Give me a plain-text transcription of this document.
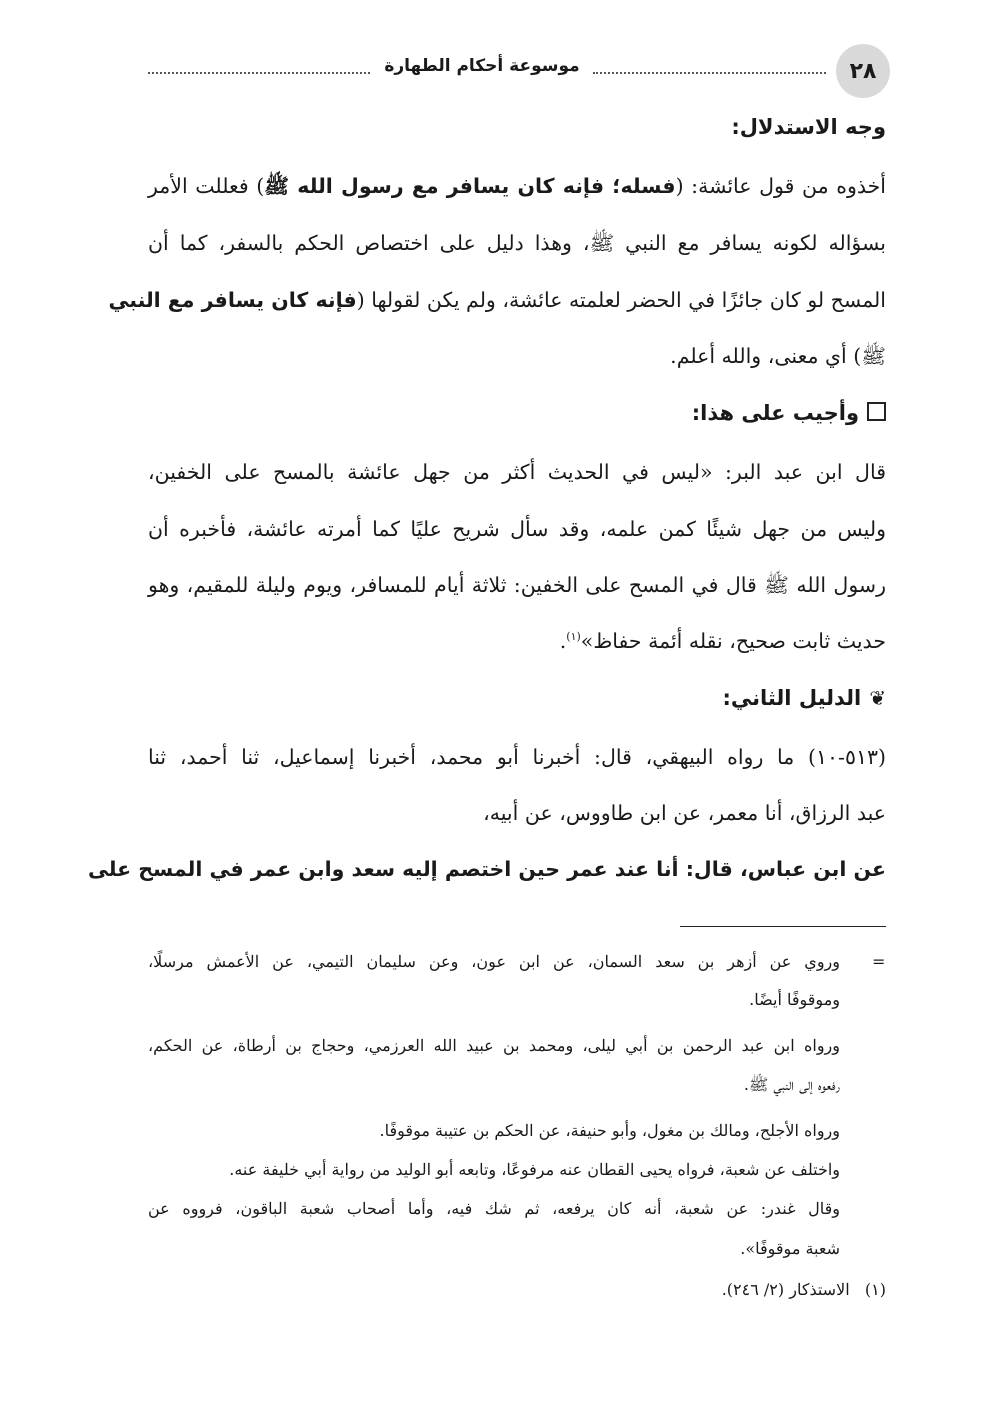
٢٨
موسوعة أحكام الطهارة
وجه الاستدلال:
أخذوه من قول عائشة: (فسله؛ فإنه كان يسافر مع رسول الله ﷺ) فعللت الأمر
بسؤاله لكونه يسافر مع النبي ﷺ، وهذا دليل على اختصاص الحكم بالسفر، كما أن
المسح لو كان جائزًا في الحضر لعلمته عائشة، ولم يكن لقولها (فإنه كان يسافر مع النبي
ﷺ) أي معنى، والله أعلم.
وأجيب على هذا:
قال ابن عبد البر: «ليس في الحديث أكثر من جهل عائشة بالمسح على الخفين،
وليس من جهل شيئًا كمن علمه، وقد سأل شريح عليًا كما أمرته عائشة، فأخبره أن
رسول الله ﷺ قال في المسح على الخفين: ثلاثة أيام للمسافر، ويوم وليلة للمقيم، وهو
حديث ثابت صحيح، نقله أئمة حفاظ»$^{(١)}$.
❦الدليل الثاني:
(٥١٣-١٠) ما رواه البيهقي، قال: أخبرنا أبو محمد، أخبرنا إسماعيل، ثنا أحمد، ثنا
عبد الرزاق، أنا معمر، عن ابن طاووس، عن أبيه،
عن ابن عباس، قال: أنا عند عمر حين اختصم إليه سعد وابن عمر في المسح على
=
وروي عن أزهر بن سعد السمان، عن ابن عون، وعن سليمان التيمي، عن الأعمش مرسلًا،
وموقوفًا أيضًا.
ورواه ابن عبد الرحمن بن أبي ليلى، ومحمد بن عبيد الله العرزمي، وحجاج بن أرطاة، عن الحكم،
رفعوه إلى النبي ﷺ.
ورواه الأجلح، ومالك بن مغول، وأبو حنيفة، عن الحكم بن عتيبة موقوفًا.
واختلف عن شعبة، فرواه يحيى القطان عنه مرفوعًا، وتابعه أبو الوليد من رواية أبي خليفة عنه.
وقال غندر: عن شعبة، أنه كان يرفعه، ثم شك فيه، وأما أصحاب شعبة الباقون، فرووه عن
شعبة موقوفًا».
(١)   الاستذكار (٢/ ٢٤٦).
